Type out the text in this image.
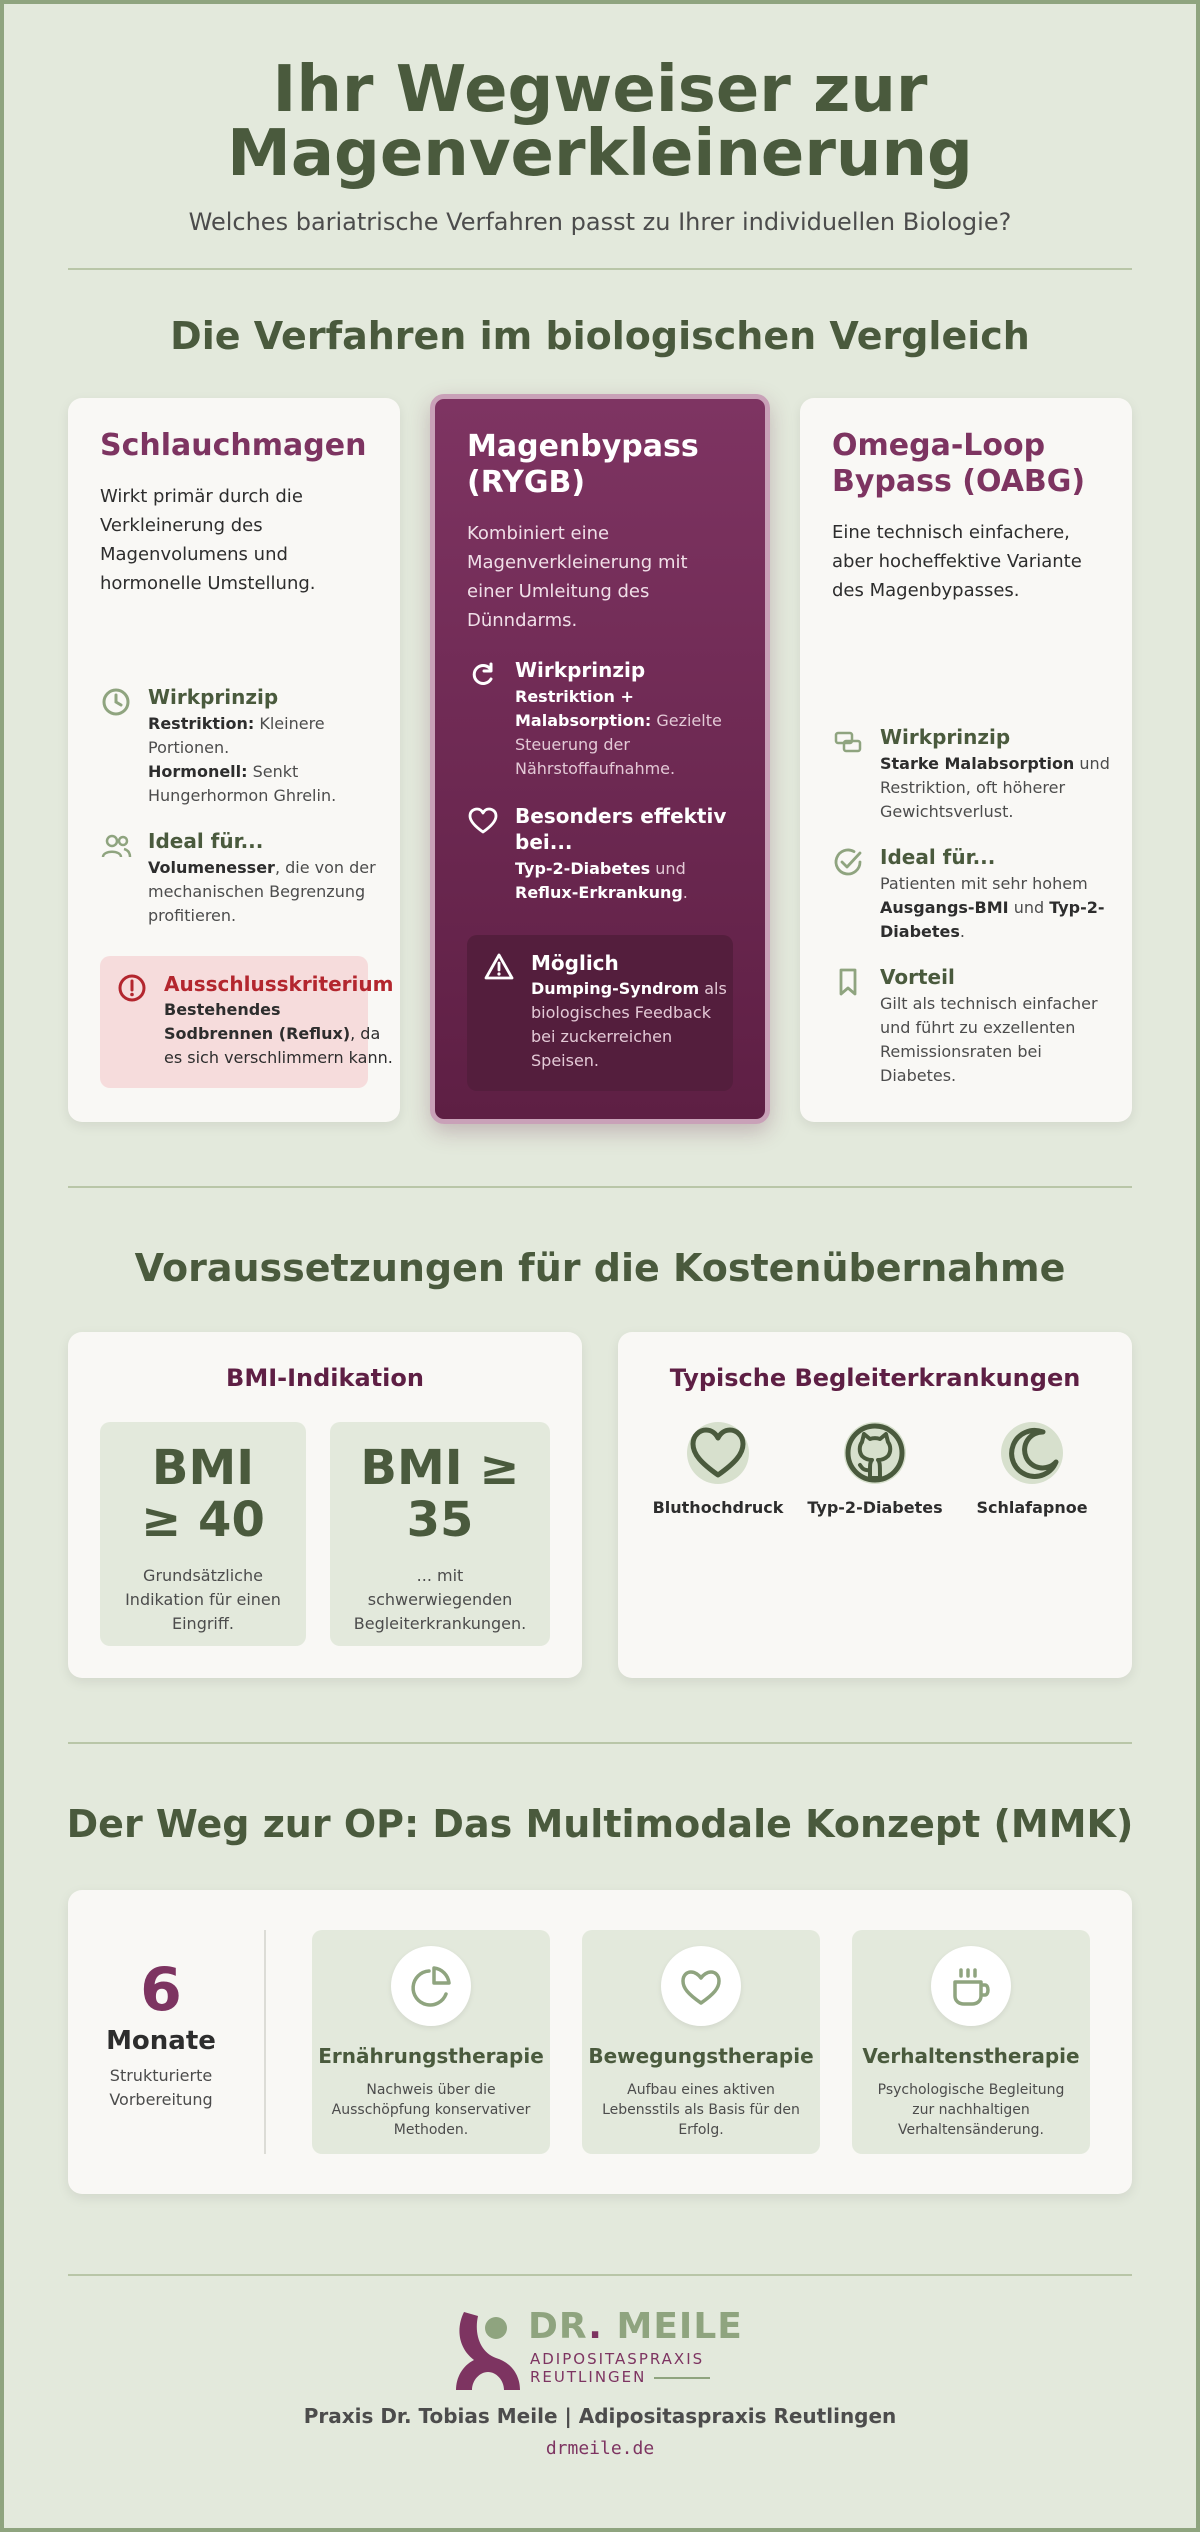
Ihr Wegweiser zur
Magenverkleinerung

Welches bariatrische Verfahren passt zu Ihrer individuellen Biologie?

Die Verfahren im biologischen Vergleich
Schlauchmagen

Wirkt primär durch die Verkleinerung des Magenvolumens und hormonelle Umstellung.

Wirkprinzip
Restriktion: Kleinere Portionen.
Hormonell: Senkt Hungerhormon Ghrelin.
Ideal für...
Volumenesser, die von der mechanischen Begrenzung profitieren.
Ausschlusskriterium
Bestehendes Sodbrennen (Reflux), da es sich verschlimmern kann.
Magenbypass
(RYGB)

Kombiniert eine Magenverkleinerung mit einer Umleitung des Dünndarms.

Wirkprinzip
Restriktion + Malabsorption: Gezielte Steuerung der Nährstoffaufnahme.
Besonders effektiv bei...
Typ-2-Diabetes und Reflux-Erkrankung.
Möglich
Dumping-Syndrom als biologisches Feedback bei zuckerreichen Speisen.
Omega-Loop
Bypass (OABG)

Eine technisch einfachere, aber hocheffektive Variante des Magenbypasses.

Wirkprinzip
Starke Malabsorption und Restriktion, oft höherer Gewichtsverlust.
Ideal für...
Patienten mit sehr hohem Ausgangs-BMI und Typ-2-Diabetes.
Vorteil
Gilt als technisch einfacher und führt zu exzellenten Remissionsraten bei Diabetes.
Voraussetzungen für die Kostenübernahme
BMI-Indikation
BMI
≥ 40
Grundsätzliche Indikation für einen Eingriff.
BMI ≥
35
... mit schwerwiegenden Begleiterkrankungen.
Typische Begleiterkrankungen
Bluthochdruck	Typ-2-Diabetes	Schlafapnoe
Der Weg zur OP: Das Multimodale Konzept (MMK)
6
Monate
Strukturierte Vorbereitung
Ernährungstherapie
Nachweis über die Ausschöpfung konservativer Methoden.
Bewegungstherapie
Aufbau eines aktiven Lebensstils als Basis für den Erfolg.
Verhaltenstherapie
Psychologische Begleitung zur nachhaltigen Verhaltensänderung.
DR. MEILE
ADIPOSITASPRAXIS
REUTLINGEN
Praxis Dr. Tobias Meile | Adipositaspraxis Reutlingen
drmeile.de
